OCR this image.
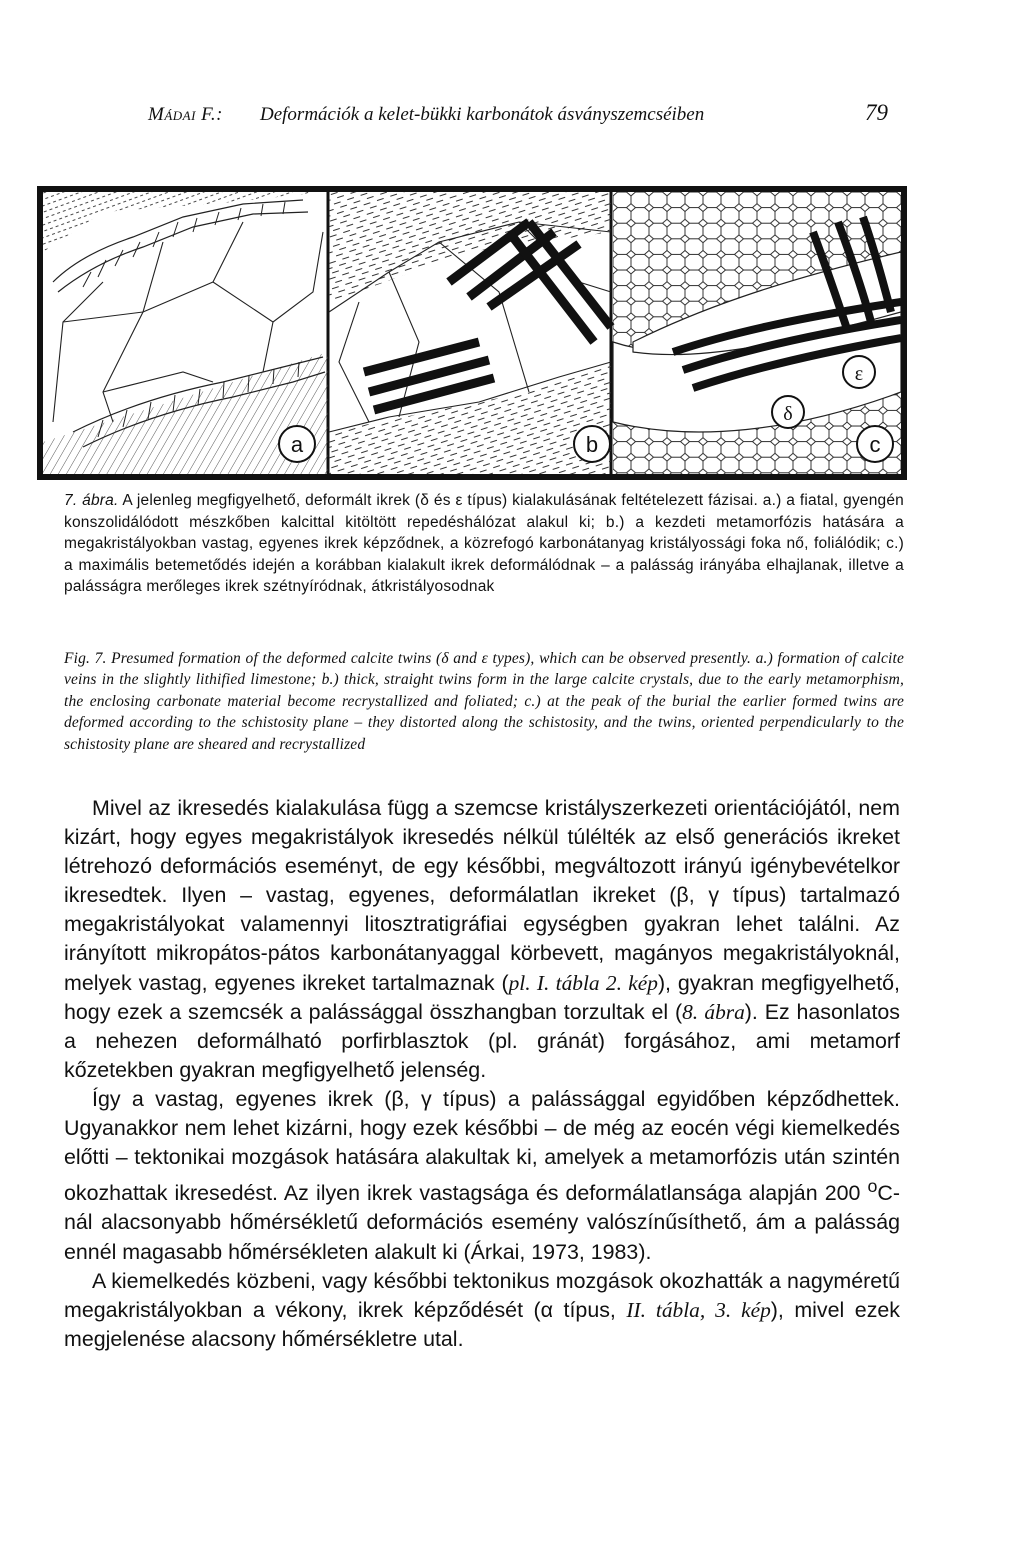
Mádai F.: Deformációk a kelet-bükki karbonátok ásványszemcséiben	79
a	b
δ
ε
c
7. ábra. A jelenleg megfigyelhető, deformált ikrek (δ és ε típus) kialakulásának feltételezett fázisai. a.) a fiatal, gyengén konszolidálódott mészkőben kalcittal kitöltött repedéshálózat alakul ki; b.) a kezdeti metamorfózis hatására a megakristályokban vastag, egyenes ikrek képződnek, a közrefogó karbonátanyag kristályossági foka nő, foliálódik; c.) a maximális betemetődés idején a korábban kialakult ikrek deformálódnak – a palásság irányába elhajlanak, illetve a palásságra merőleges ikrek szétnyíródnak, átkristályosodnak
Fig. 7. Presumed formation of the deformed calcite twins (δ and ε types), which can be observed presently. a.) formation of calcite veins in the slightly lithified limestone; b.) thick, straight twins form in the large calcite crystals, due to the early metamorphism, the enclosing carbonate material become recrystallized and foliated; c.) at the peak of the burial the earlier formed twins are deformed according to the schistosity plane – they distorted along the schistosity, and the twins, oriented perpendicularly to the schistosity plane are sheared and recrystallized

Mivel az ikresedés kialakulása függ a szemcse kristályszerkezeti orientációjától, nem kizárt, hogy egyes megakristályok ikresedés nélkül túlélték az első generációs ikreket létrehozó deformációs eseményt, de egy későbbi, megváltozott irányú igénybevételkor ikresedtek. Ilyen – vastag, egyenes, deformálatlan ikreket (β, γ típus) tartalmazó megakristályokat valamennyi litosztratigráfiai egységben gyakran lehet találni. Az irányított mikropátos-pátos karbonátanyaggal körbevett, magányos megakristályoknál, melyek vastag, egyenes ikreket tartalmaznak (pl. I. tábla 2. kép), gyakran megfigyelhető, hogy ezek a szemcsék a palássággal összhangban torzultak el (8. ábra). Ez hasonlatos a nehezen deformálható porfirblasztok (pl. gránát) forgásához, ami metamorf kőzetekben gyakran megfigyelhető jelenség.

Így a vastag, egyenes ikrek (β, γ típus) a palássággal egyidőben képződhettek. Ugyanakkor nem lehet kizárni, hogy ezek későbbi – de még az eocén végi kiemelkedés előtti – tektonikai mozgások hatására alakultak ki, amelyek a metamorfózis után szintén okozhattak ikresedést. Az ilyen ikrek vastagsága és deformálatlansága alapján 200 $^o$C-nál alacsonyabb hőmérsékletű deformációs esemény valószínűsíthető, ám a palásság ennél magasabb hőmérsékleten alakult ki (Árkai, 1973, 1983).

A kiemelkedés közbeni, vagy későbbi tektonikus mozgások okozhatták a nagyméretű megakristályokban a vékony, ikrek képződését (α típus, II. tábla, 3. kép), mivel ezek megjelenése alacsony hőmérsékletre utal.
